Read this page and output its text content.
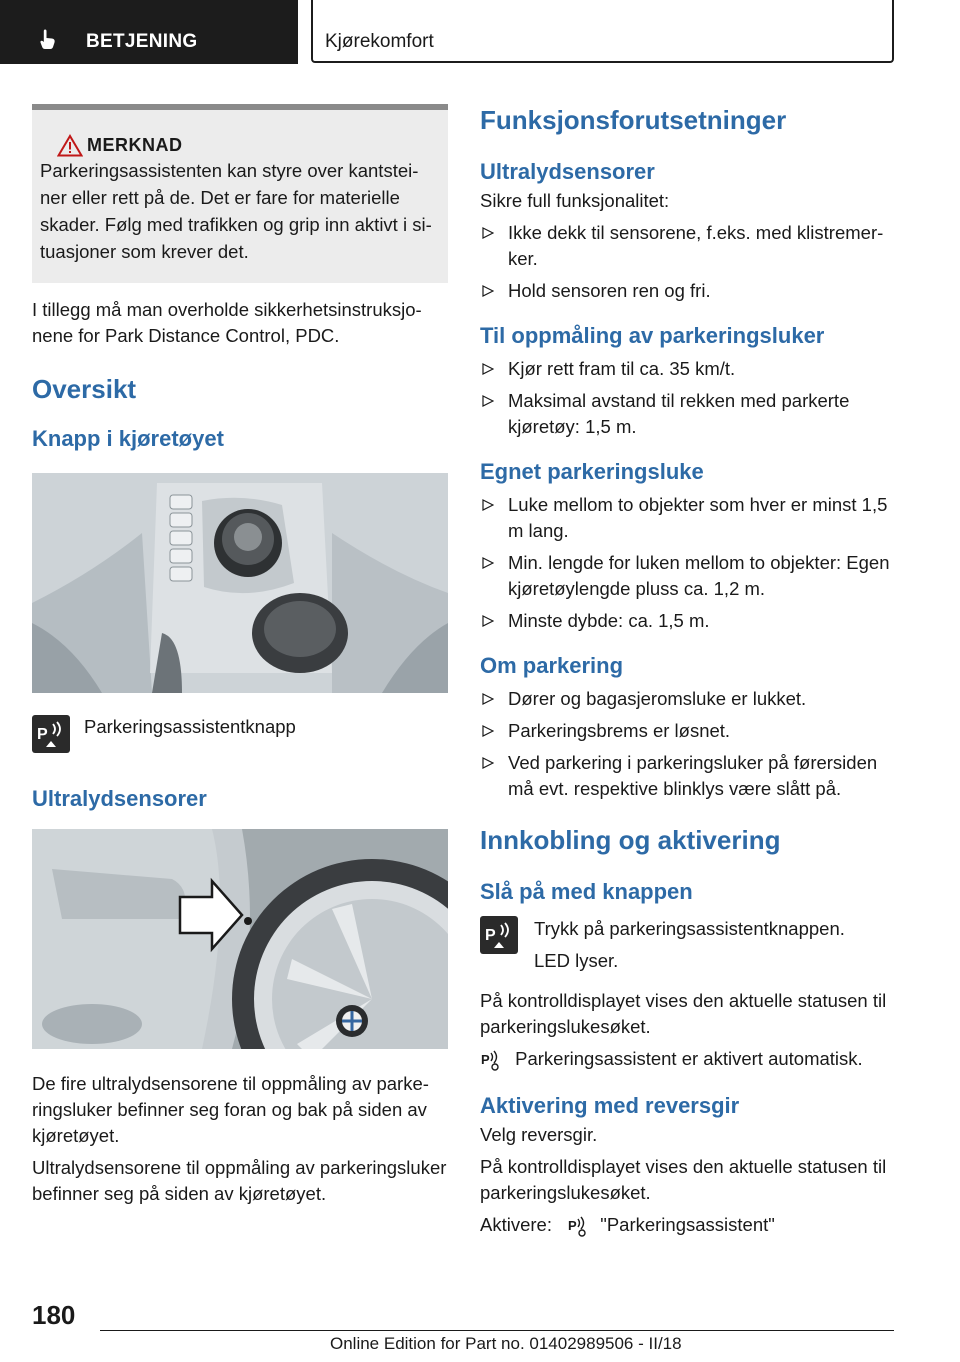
BETJENING	Kjørekomfort
MERKNAD
Parkeringsassistenten kan styre over kantsteiner eller rett på de. Det er fare for materielle skader. Følg med trafikken og grip inn aktivt i situasjoner som krever det.

I tillegg må man overholde sikkerhetsinstruksjonene for Park Distance Control, PDC.

Oversikt
Knapp i kjøretøyet
P Parkeringsassistentknapp
Ultralydsensorer

De fire ultralydsensorene til oppmåling av parkeringsluker befinner seg foran og bak på siden av kjøretøyet.

Ultralydsensorene til oppmåling av parkeringsluker befinner seg på siden av kjøretøyet.

Funksjonsforutsetninger
Ultralydsensorer

Sikre full funksjonalitet:

Ikke dekk til sensorene, f.eks. med klistremerker.
Hold sensoren ren og fri.
Til oppmåling av parkeringsluker
Kjør rett fram til ca. 35 km/t.
Maksimal avstand til rekken med parkerte kjøretøy: 1,5 m.
Egnet parkeringsluke
Luke mellom to objekter som hver er minst 1,5 m lang.
Min. lengde for luken mellom to objekter: Egen kjøretøylengde pluss ca. 1,2 m.
Minste dybde: ca. 1,5 m.
Om parkering
Dører og bagasjeromsluke er lukket.
Parkeringsbrems er løsnet.
Ved parkering i parkeringsluker på førersiden må evt. respektive blinklys være slått på.
Innkobling og aktivering
Slå på med knappen
P Trykk på parkeringsassistentknappen.

LED lyser.

På kontrolldisplayet vises den aktuelle statusen til parkeringslukesøket.

P Parkeringsassistent er aktivert automatisk.

Aktivering med reversgir

Velg reversgir.

På kontrolldisplayet vises den aktuelle statusen til parkeringslukesøket.

Aktivere: P "Parkeringsassistent"

180
Online Edition for Part no. 01402989506 - II/18
